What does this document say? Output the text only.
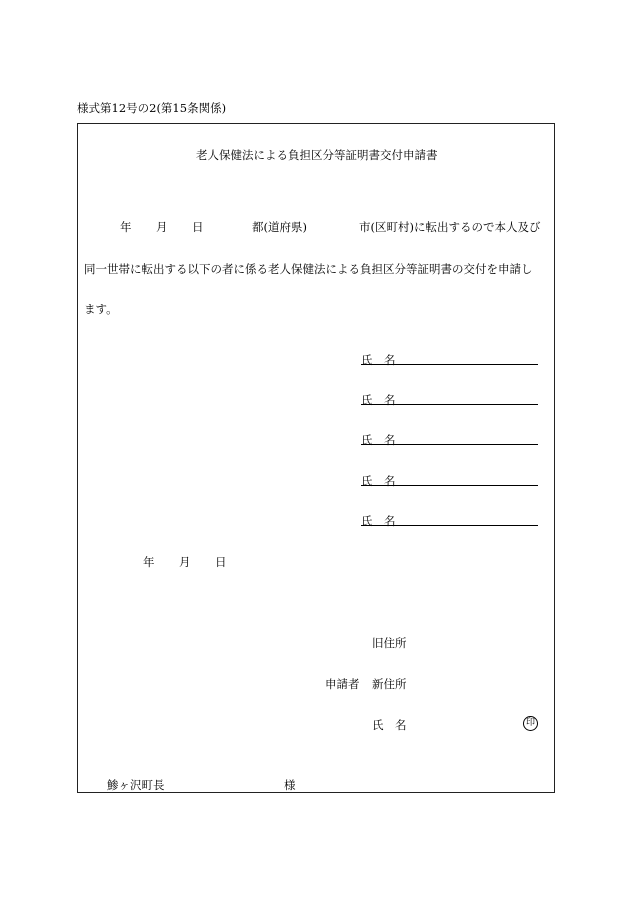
様式第12号の2(第15条関係)
老人保健法による負担区分等証明書交付申請書
年 月 日	都(道府県)	市(区町村)に転出するので本人及び
同一世帯に転出する以下の者に係る老人保健法による負担区分等証明書の交付を申請し
ます。
氏　名
氏　名
氏　名
氏　名
氏　名
年 月 日
旧住所
申請者 新住所
氏　名	印
鯵ヶ沢町長	様
